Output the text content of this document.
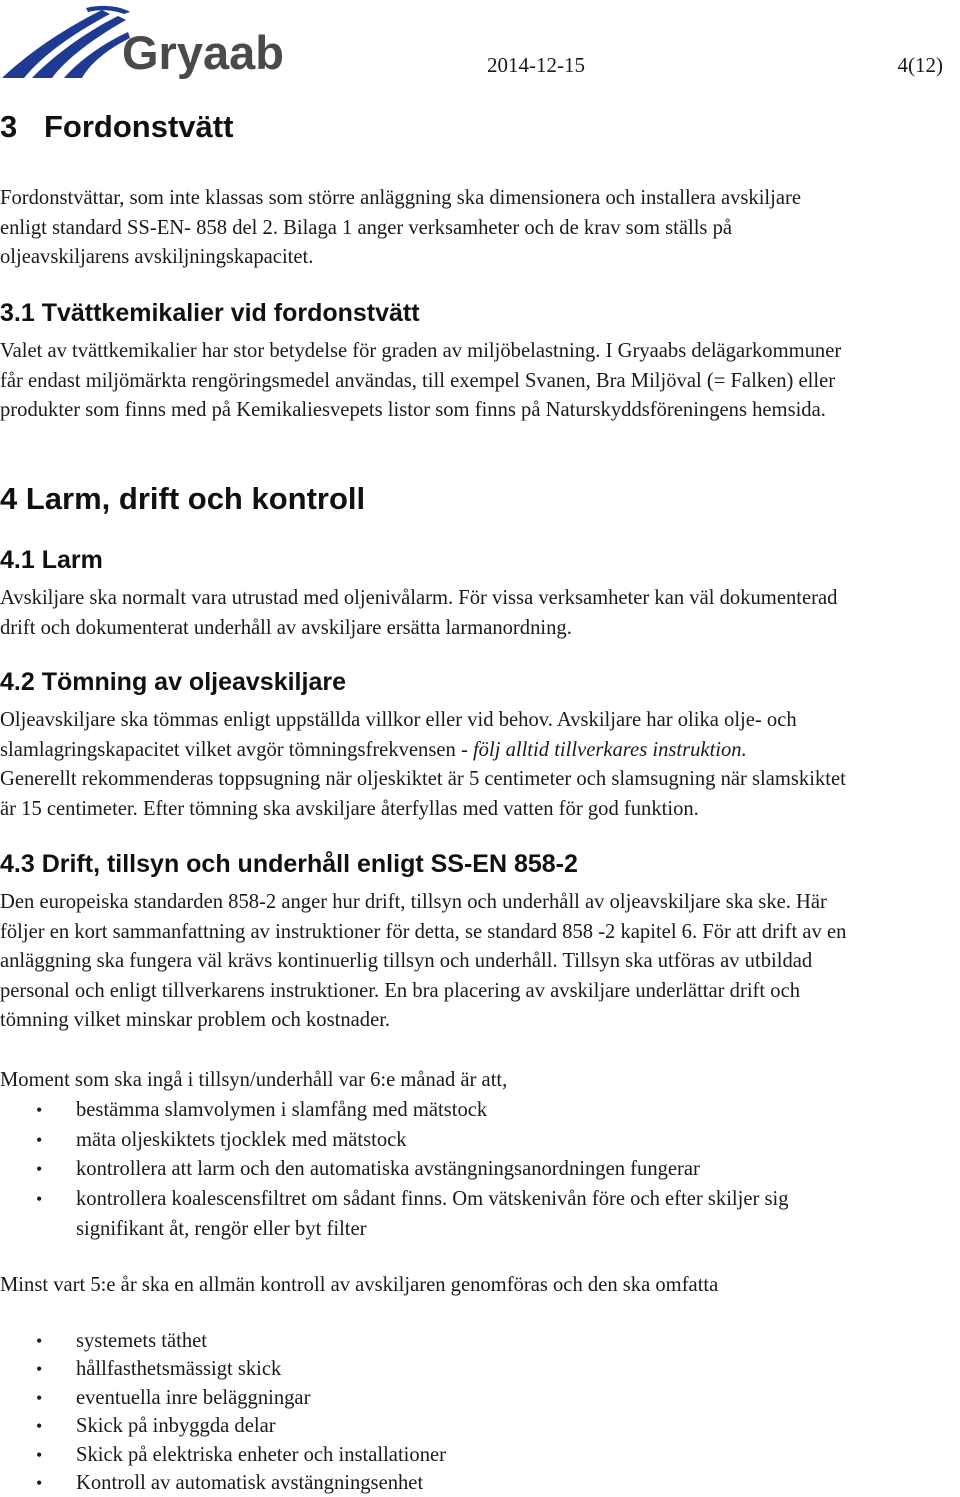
Gryaab	2014-12-15	4(12)
3 Fordonstvätt
Fordonstvättar, som inte klassas som större anläggning ska dimensionera och installera avskiljare
enligt standard SS-EN- 858 del 2. Bilaga 1 anger verksamheter och de krav som ställs på
oljeavskiljarens avskiljningskapacitet.
3.1 Tvättkemikalier vid fordonstvätt
Valet av tvättkemikalier har stor betydelse för graden av miljöbelastning. I Gryaabs delägarkommuner
får endast miljömärkta rengöringsmedel användas, till exempel Svanen, Bra Miljöval (= Falken) eller
produkter som finns med på Kemikaliesvepets listor som finns på Naturskyddsföreningens hemsida.
4 Larm, drift och kontroll
4.1 Larm
Avskiljare ska normalt vara utrustad med oljenivålarm. För vissa verksamheter kan väl dokumenterad
drift och dokumenterat underhåll av avskiljare ersätta larmanordning.
4.2 Tömning av oljeavskiljare
Oljeavskiljare ska tömmas enligt uppställda villkor eller vid behov. Avskiljare har olika olje- och
slamlagringskapacitet vilket avgör tömningsfrekvensen - följ alltid tillverkares instruktion.
Generellt rekommenderas toppsugning när oljeskiktet är 5 centimeter och slamsugning när slamskiktet
är 15 centimeter. Efter tömning ska avskiljare återfyllas med vatten för god funktion.
4.3 Drift, tillsyn och underhåll enligt SS-EN 858-2
Den europeiska standarden 858-2 anger hur drift, tillsyn och underhåll av oljeavskiljare ska ske. Här
följer en kort sammanfattning av instruktioner för detta, se standard 858 -2 kapitel 6. För att drift av en
anläggning ska fungera väl krävs kontinuerlig tillsyn och underhåll. Tillsyn ska utföras av utbildad
personal och enligt tillverkarens instruktioner. En bra placering av avskiljare underlättar drift och
tömning vilket minskar problem och kostnader.
Moment som ska ingå i tillsyn/underhåll var 6:e månad är att,
• bestämma slamvolymen i slamfång med mätstock
• mäta oljeskiktets tjocklek med mätstock
• kontrollera att larm och den automatiska avstängningsanordningen fungerar
• kontrollera koalescensfiltret om sådant finns. Om vätskenivån före och efter skiljer sig
signifikant åt, rengör eller byt filter
Minst vart 5:e år ska en allmän kontroll av avskiljaren genomföras och den ska omfatta
• systemets täthet
• hållfasthetsmässigt skick
• eventuella inre beläggningar
• Skick på inbyggda delar
• Skick på elektriska enheter och installationer
• Kontroll av automatisk avstängningsenhet
